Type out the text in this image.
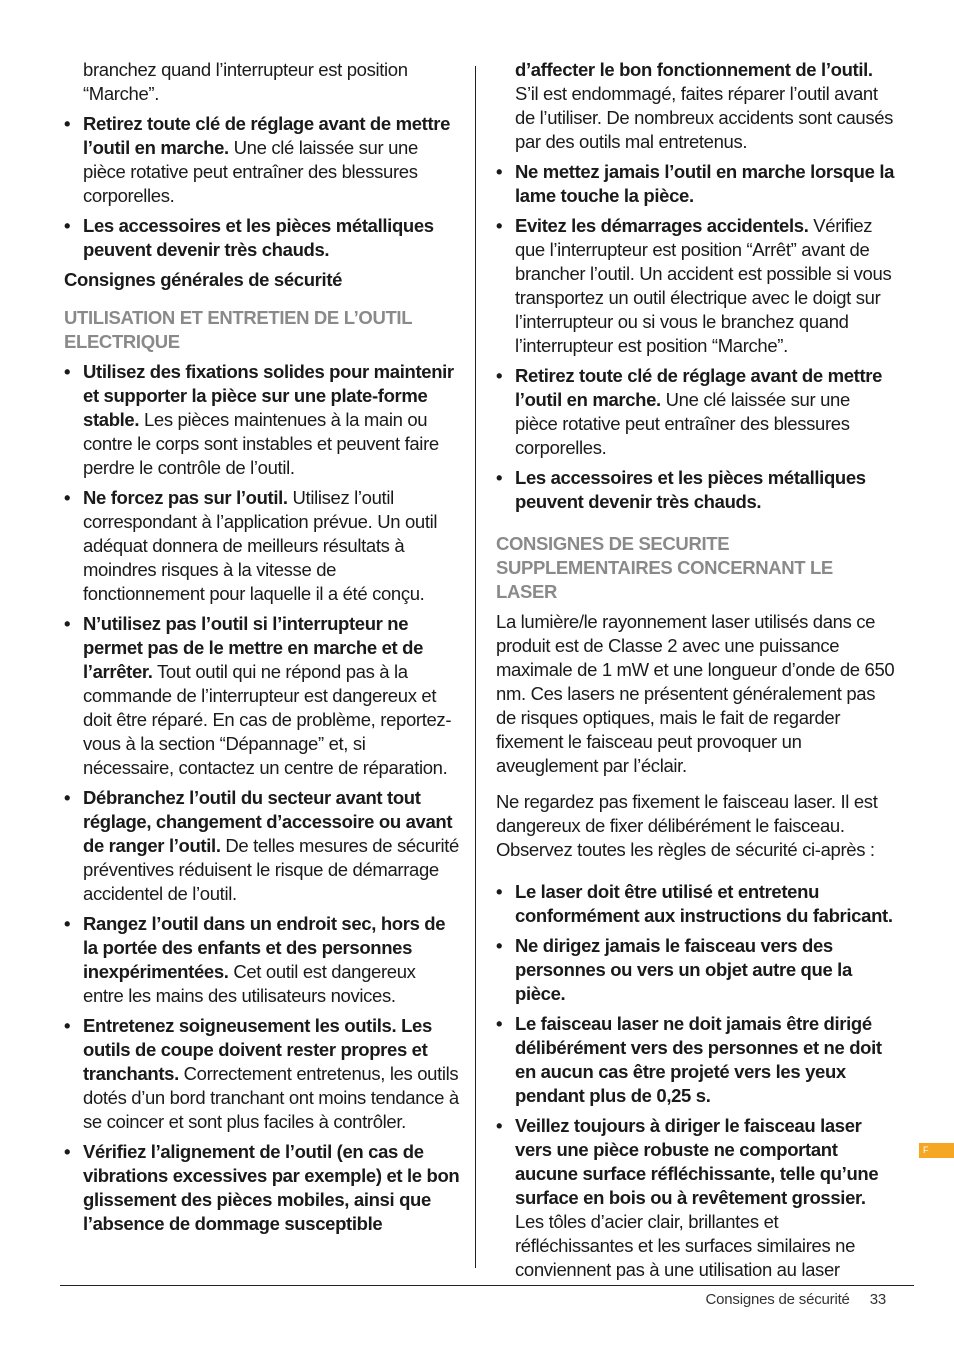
branchez quand l’interrupteur est position “Marche”.

• Retirez toute clé de réglage avant de mettre l’outil en marche. Une clé laissée sur une pièce rotative peut entraîner des blessures corporelles.

• Les accessoires et les pièces métalliques peuvent devenir très chauds.

Consignes générales de sécurité

UTILISATION ET ENTRETIEN DE L’OUTIL ELECTRIQUE

• Utilisez des fixations solides pour maintenir et supporter la pièce sur une plate-forme stable. Les pièces maintenues à la main ou contre le corps sont instables et peuvent faire perdre le contrôle de l’outil.

• Ne forcez pas sur l’outil. Utilisez l’outil correspondant à l’application prévue. Un outil adéquat donnera de meilleurs résultats à moindres risques à la vitesse de fonctionnement pour laquelle il a été conçu.

• N’utilisez pas l’outil si l’interrupteur ne permet pas de le mettre en marche et de l’arrêter. Tout outil qui ne répond pas à la commande de l’interrupteur est dangereux et doit être réparé. En cas de problème, reportez-vous à la section “Dépannage” et, si nécessaire, contactez un centre de réparation.

• Débranchez l’outil du secteur avant tout réglage, changement d’accessoire ou avant de ranger l’outil. De telles mesures de sécurité préventives réduisent le risque de démarrage accidentel de l’outil.

• Rangez l’outil dans un endroit sec, hors de la portée des enfants et des personnes inexpérimentées. Cet outil est dangereux entre les mains des utilisateurs novices.

• Entretenez soigneusement les outils. Les outils de coupe doivent rester propres et tranchants. Correctement entretenus, les outils dotés d’un bord tranchant ont moins tendance à se coincer et sont plus faciles à contrôler.

• Vérifiez l’alignement de l’outil (en cas de vibrations excessives par exemple) et le bon glissement des pièces mobiles, ainsi que l’absence de dommage susceptible

d’affecter le bon fonctionnement de l’outil. S’il est endommagé, faites réparer l’outil avant de l’utiliser. De nombreux accidents sont causés par des outils mal entretenus.

• Ne mettez jamais l’outil en marche lorsque la lame touche la pièce.

• Evitez les démarrages accidentels. Vérifiez que l’interrupteur est position “Arrêt” avant de brancher l’outil. Un accident est possible si vous transportez un outil électrique avec le doigt sur l’interrupteur ou si vous le branchez quand l’interrupteur est position “Marche”.

• Retirez toute clé de réglage avant de mettre l’outil en marche. Une clé laissée sur une pièce rotative peut entraîner des blessures corporelles.

• Les accessoires et les pièces métalliques peuvent devenir très chauds.

CONSIGNES DE SECURITE SUPPLEMENTAIRES CONCERNANT LE LASER

La lumière/le rayonnement laser utilisés dans ce produit est de Classe 2 avec une puissance maximale de 1 mW et une longueur d’onde de 650 nm. Ces lasers ne présentent généralement pas de risques optiques, mais le fait de regarder fixement le faisceau peut provoquer un aveuglement par l’éclair.

Ne regardez pas fixement le faisceau laser. Il est dangereux de fixer délibérément le faisceau. Observez toutes les règles de sécurité ci-après :

• Le laser doit être utilisé et entretenu conformément aux instructions du fabricant.

• Ne dirigez jamais le faisceau vers des personnes ou vers un objet autre que la pièce.

• Le faisceau laser ne doit jamais être dirigé délibérément vers des personnes et ne doit en aucun cas être projeté vers les yeux pendant plus de 0,25 s.

• Veillez toujours à diriger le faisceau laser vers une pièce robuste ne comportant aucune surface réfléchissante, telle qu’une surface en bois ou à revêtement grossier. Les tôles d’acier clair, brillantes et réfléchissantes et les surfaces similaires ne conviennent pas à une utilisation au laser

F
Consignes de sécurité 33
